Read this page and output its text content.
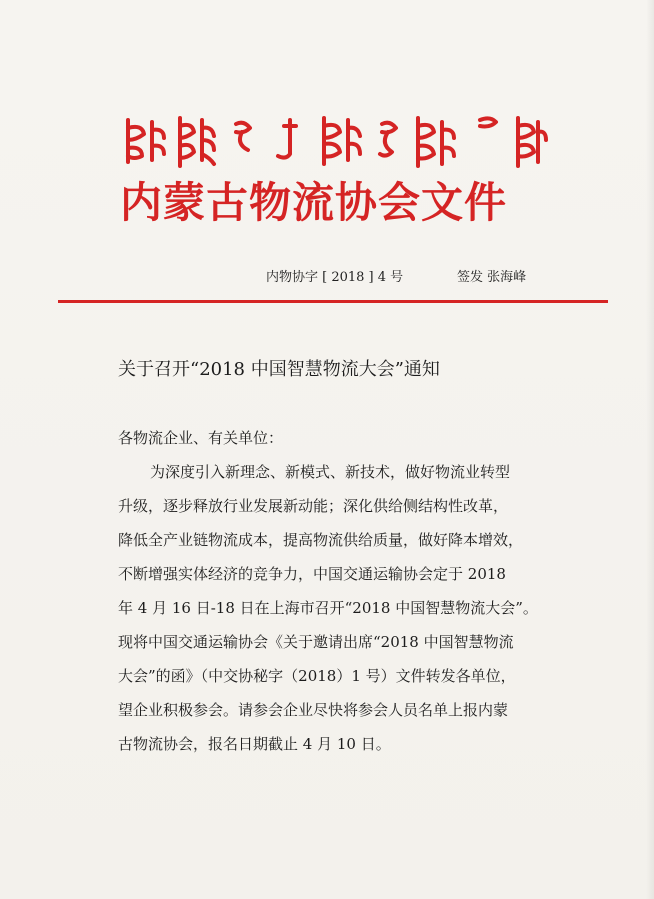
内蒙古物流协会文件
内物协字 [ 2018 ] 4 号	签发 张海峰
关于召开“2018 中国智慧物流大会”通知
各物流企业、有关单位：
为深度引入新理念、新模式、新技术，做好物流业转型
升级，逐步释放行业发展新动能；深化供给侧结构性改革，
降低全产业链物流成本，提高物流供给质量，做好降本增效，
不断增强实体经济的竞争力，中国交通运输协会定于 2018
年 4 月 16 日-18 日在上海市召开“2018 中国智慧物流大会”。
现将中国交通运输协会《关于邀请出席“2018 中国智慧物流
大会”的函》（中交协秘字（2018）1 号）文件转发各单位，
望企业积极参会。请参会企业尽快将参会人员名单上报内蒙
古物流协会，报名日期截止 4 月 10 日。
